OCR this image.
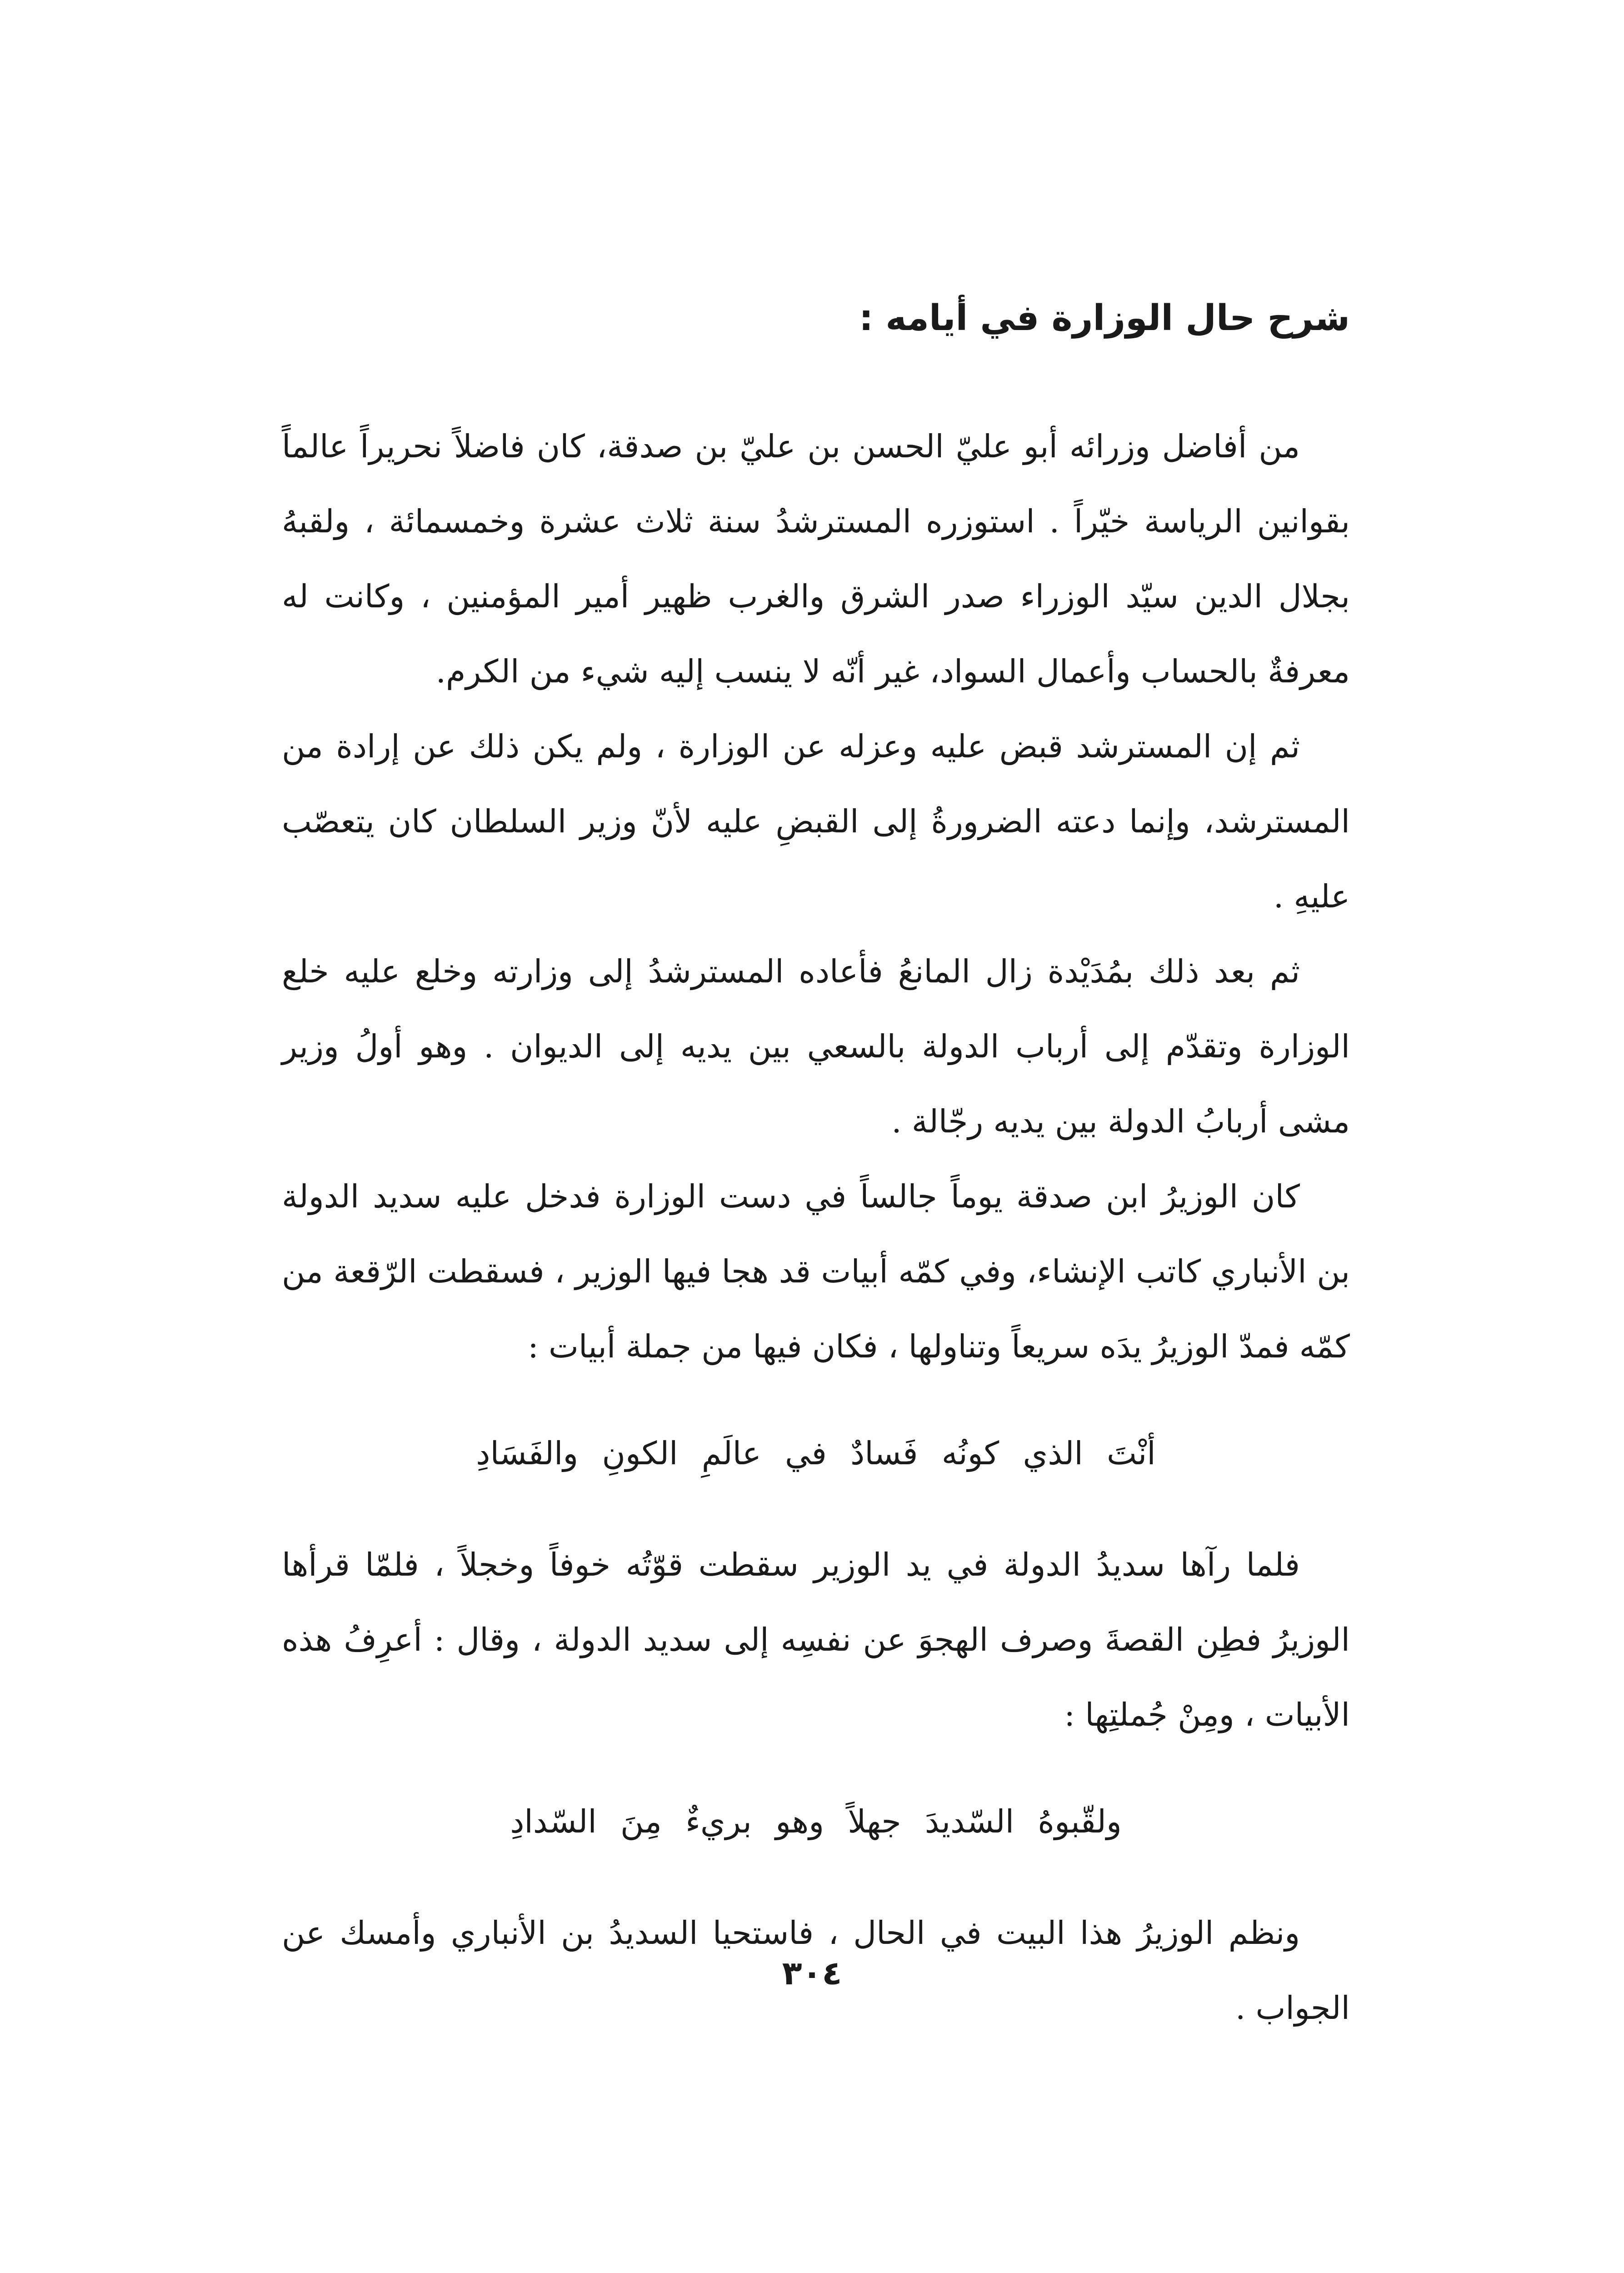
شرح حال الوزارة في أيامه :

من أفاضل وزرائه أبو عليّ الحسن بن عليّ بن صدقة، كان فاضلاً نحريراً عالماً بقوانين الرياسة خيّراً . استوزره المسترشدُ سنة ثلاث عشرة وخمسمائة ، ولقبهُ بجلال الدين سيّد الوزراء صدر الشرق والغرب ظهير أمير المؤمنين ، وكانت له معرفةٌ بالحساب وأعمال السواد، غير أنّه لا ينسب إليه شيء من الكرم.

ثم إن المسترشد قبض عليه وعزله عن الوزارة ، ولم يكن ذلك عن إرادة من المسترشد، وإنما دعته الضرورةُ إلى القبضِ عليه لأنّ وزير السلطان كان يتعصّب عليهِ .

ثم بعد ذلك بمُدَيْدة زال المانعُ فأعاده المسترشدُ إلى وزارته وخلع عليه خلع الوزارة وتقدّم إلى أرباب الدولة بالسعي بين يديه إلى الديوان . وهو أولُ وزير مشى أربابُ الدولة بين يديه رجّالة .

كان الوزيرُ ابن صدقة يوماً جالساً في دست الوزارة فدخل عليه سديد الدولة بن الأنباري كاتب الإنشاء، وفي كمّه أبيات قد هجا فيها الوزير ، فسقطت الرّقعة من كمّه فمدّ الوزيرُ يدَه سريعاً وتناولها ، فكان فيها من جملة أبيات :

أنْتَ الذي كونُه فَسادٌ في عالَمِ الكونِ والفَسَادِ

فلما رآها سديدُ الدولة في يد الوزير سقطت قوّتُه خوفاً وخجلاً ، فلمّا قرأها الوزيرُ فطِن القصةَ وصرف الهجوَ عن نفسِه إلى سديد الدولة ، وقال : أعرِفُ هذه الأبيات ، ومِنْ جُملتِها :

ولقّبوهُ السّديدَ جهلاً وهو بريءٌ مِنَ السّدادِ

ونظم الوزيرُ هذا البيت في الحال ، فاستحيا السديدُ بن الأنباري وأمسك عن الجواب .

٣٠٤
